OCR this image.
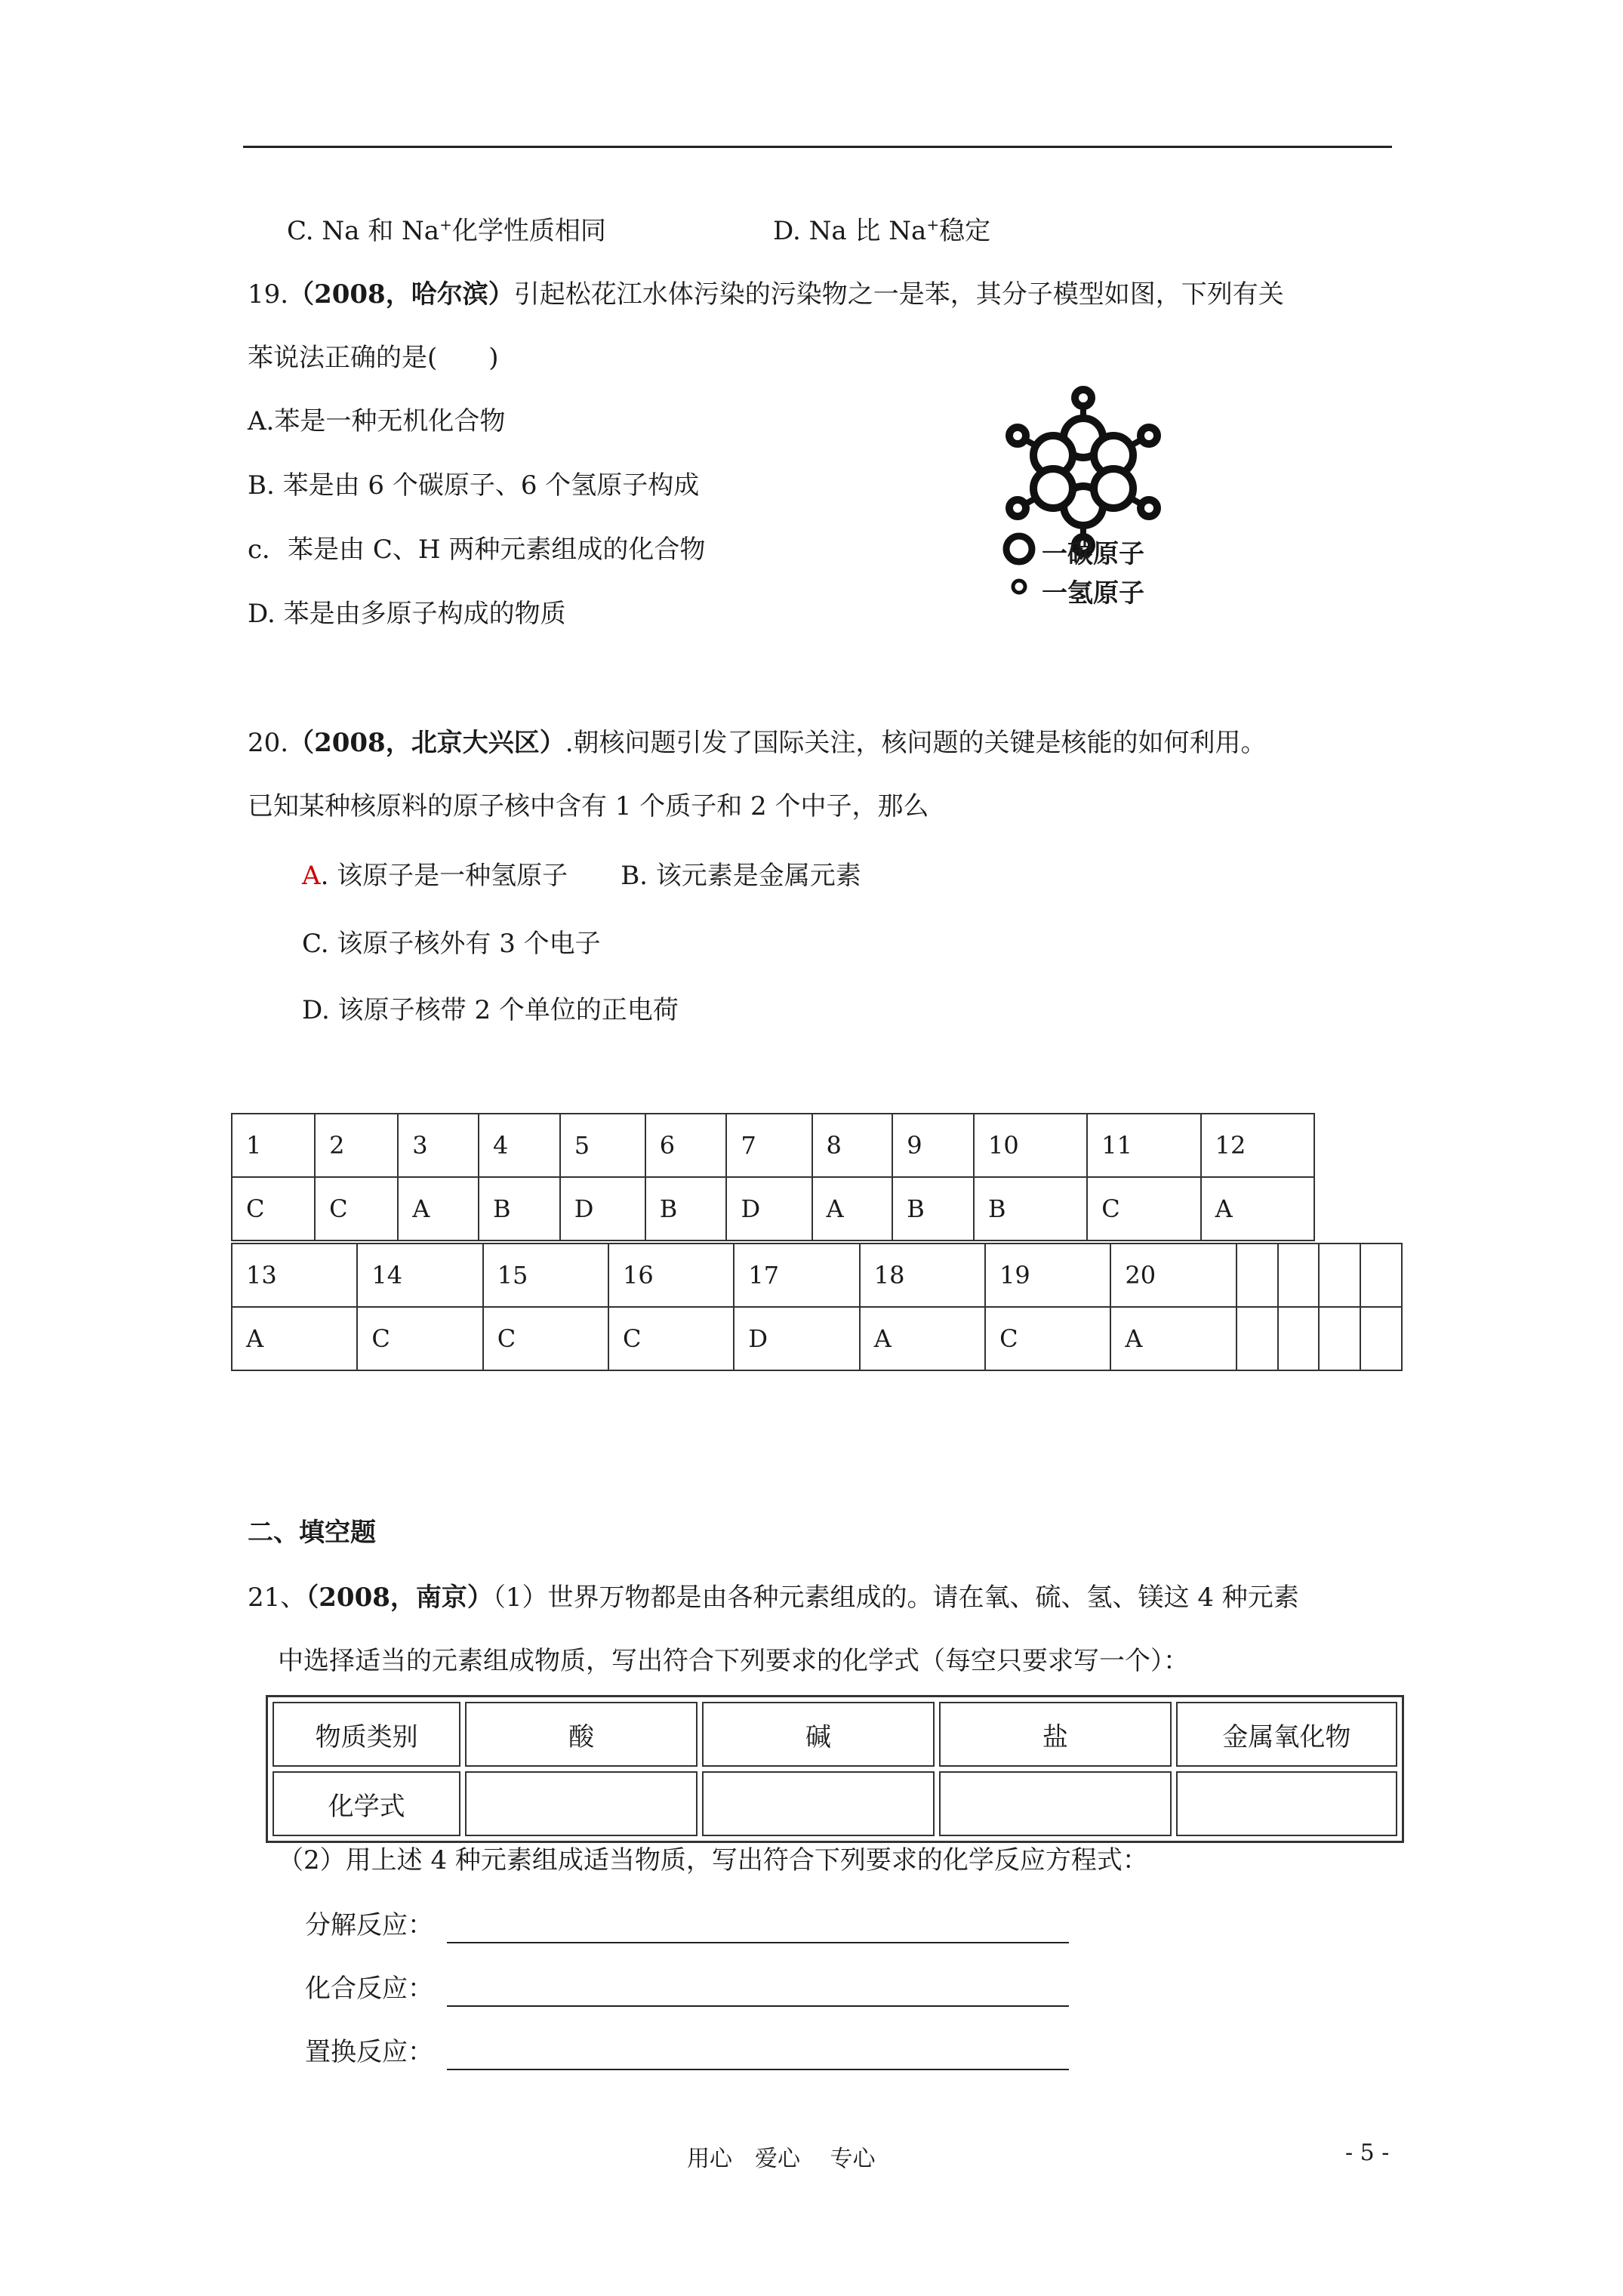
C. Na 和 Na+化学性质相同	D. Na 比 Na+稳定
19.（2008，哈尔滨）引起松花江水体污染的污染物之一是苯，其分子模型如图，下列有关
苯说法正确的是(　　)
A.苯是一种无机化合物
B. 苯是由 6 个碳原子、6 个氢原子构成
c．苯是由 C、H 两种元素组成的化合物
D. 苯是由多原子构成的物质
一碳原子
一氢原子
20.（2008，北京大兴区）.朝核问题引发了国际关注，核问题的关键是核能的如何利用。
已知某种核原料的原子核中含有 1 个质子和 2 个中子，那么
A. 该原子是一种氢原子 B. 该元素是金属元素
C. 该原子核外有 3 个电子
D. 该原子核带 2 个单位的正电荷
1	2	3	4	5	6	7	8	9	10	11	12
C	C	A	B	D	B	D	A	B	B	C	A
13	14	15	16	17	18	19	20				
A	C	C	C	D	A	C	A				
二、填空题
21、（2008，南京）（1）世界万物都是由各种元素组成的。请在氧、硫、氢、镁这 4 种元素
中选择适当的元素组成物质，写出符合下列要求的化学式（每空只要求写一个）：
物质类别	酸	碱	盐	金属氧化物
化学式				
（2）用上述 4 种元素组成适当物质，写出符合下列要求的化学反应方程式：
分解反应：
化合反应：
置换反应：
用心　爱心　 专心	- 5 -
